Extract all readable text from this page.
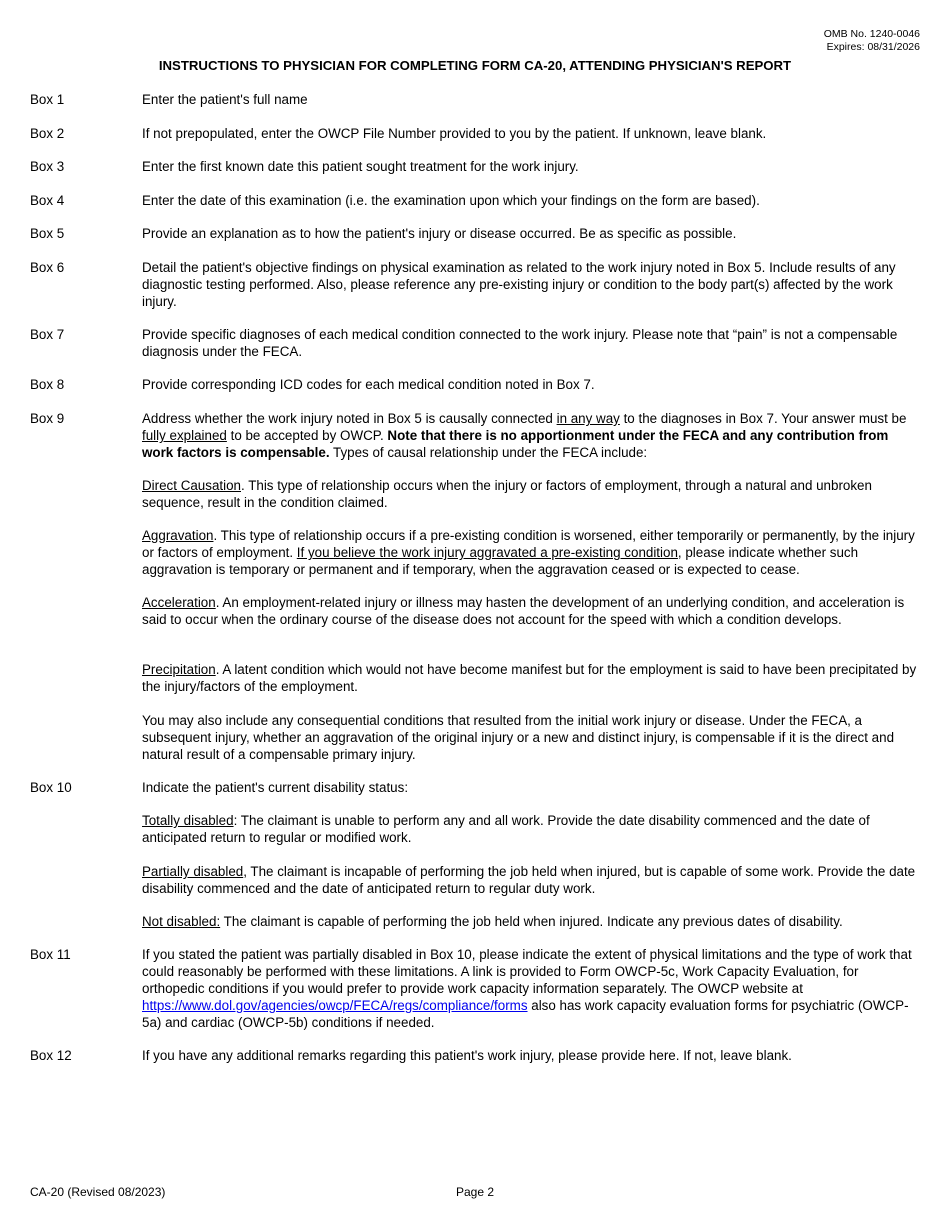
OMB No. 1240-0046
Expires: 08/31/2026
INSTRUCTIONS TO PHYSICIAN FOR COMPLETING FORM CA-20, ATTENDING PHYSICIAN'S REPORT
Box 1	Enter the patient's full name
Box 2	If not prepopulated, enter the OWCP File Number provided to you by the patient. If unknown, leave blank.
Box 3	Enter the first known date this patient sought treatment for the work injury.
Box 4	Enter the date of this examination (i.e. the examination upon which your findings on the form are based).
Box 5	Provide an explanation as to how the patient's injury or disease occurred. Be as specific as possible.
Box 6	Detail the patient's objective findings on physical examination as related to the work injury noted in Box 5. Include results of any diagnostic testing performed. Also, please reference any pre-existing injury or condition to the body part(s) affected by the work injury.
Box 7	Provide specific diagnoses of each medical condition connected to the work injury. Please note that “pain” is not a compensable diagnosis under the FECA.
Box 8	Provide corresponding ICD codes for each medical condition noted in Box 7.
Box 9	Address whether the work injury noted in Box 5 is causally connected in any way to the diagnoses in Box 7. Your answer must be fully explained to be accepted by OWCP. Note that there is no apportionment under the FECA and any contribution from work factors is compensable. Types of causal relationship under the FECA include:
Direct Causation. This type of relationship occurs when the injury or factors of employment, through a natural and unbroken sequence, result in the condition claimed.
Aggravation. This type of relationship occurs if a pre-existing condition is worsened, either temporarily or permanently, by the injury or factors of employment. If you believe the work injury aggravated a pre-existing condition, please indicate whether such aggravation is temporary or permanent and if temporary, when the aggravation ceased or is expected to cease.
Acceleration. An employment-related injury or illness may hasten the development of an underlying condition, and acceleration is said to occur when the ordinary course of the disease does not account for the speed with which a condition develops.
Precipitation. A latent condition which would not have become manifest but for the employment is said to have been precipitated by the injury/factors of the employment.
You may also include any consequential conditions that resulted from the initial work injury or disease. Under the FECA, a subsequent injury, whether an aggravation of the original injury or a new and distinct injury, is compensable if it is the direct and natural result of a compensable primary injury.
Box 10	Indicate the patient's current disability status:
Totally disabled: The claimant is unable to perform any and all work. Provide the date disability commenced and the date of anticipated return to regular or modified work.
Partially disabled, The claimant is incapable of performing the job held when injured, but is capable of some work. Provide the date disability commenced and the date of anticipated return to regular duty work.
Not disabled: The claimant is capable of performing the job held when injured. Indicate any previous dates of disability.
Box 11	If you stated the patient was partially disabled in Box 10, please indicate the extent of physical limitations and the type of work that could reasonably be performed with these limitations. A link is provided to Form OWCP-5c, Work Capacity Evaluation, for orthopedic conditions if you would prefer to provide work capacity information separately. The OWCP website at https://www.dol.gov/agencies/owcp/FECA/regs/compliance/forms also has work capacity evaluation forms for psychiatric (OWCP-5a) and cardiac (OWCP-5b) conditions if needed.
Box 12	If you have any additional remarks regarding this patient's work injury, please provide here. If not, leave blank.
CA-20 (Revised 08/2023)	Page 2
